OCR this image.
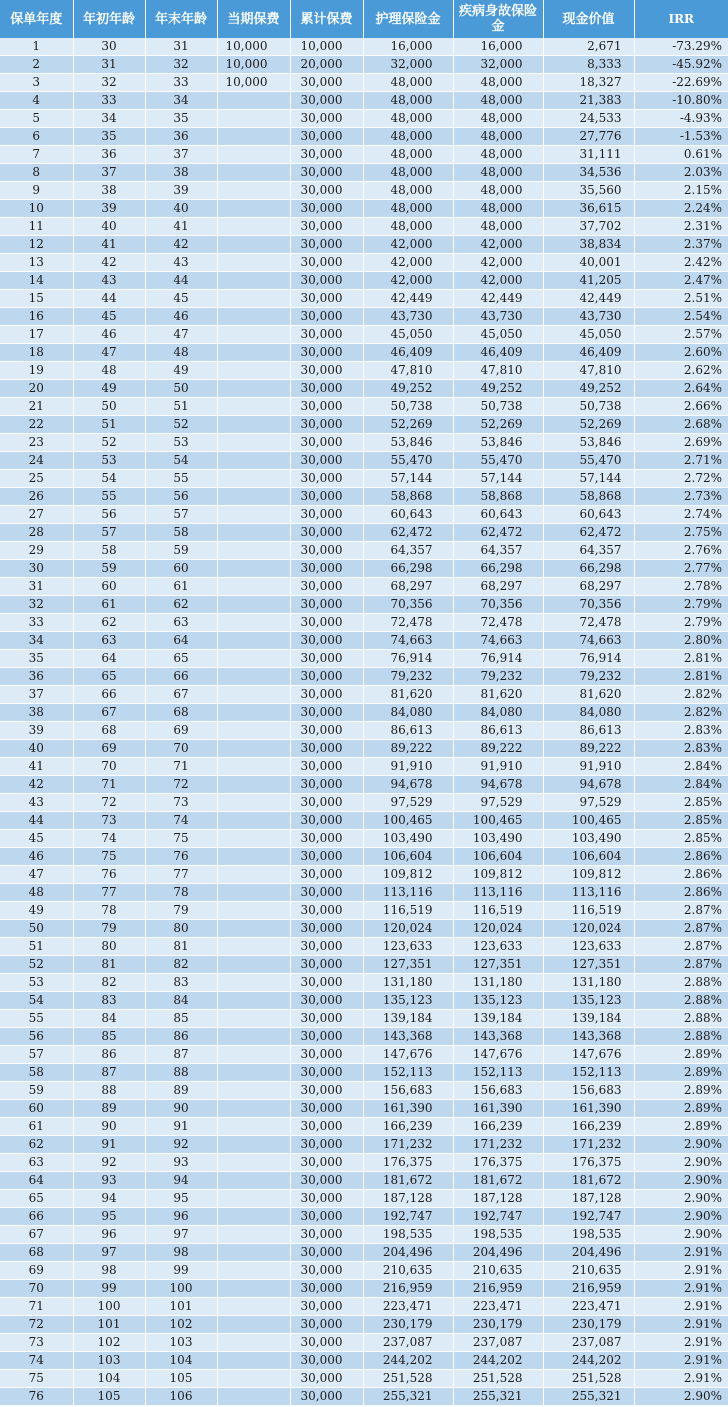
保单年度	年初年龄	年末年龄	当期保费	累计保费	护理保险金	疾病身故保险金	现金价值	IRR
1	30	31	10,000	10,000	16,000	16,000	2,671	-73.29%
2	31	32	10,000	20,000	32,000	32,000	8,333	-45.92%
3	32	33	10,000	30,000	48,000	48,000	18,327	-22.69%
4	33	34		30,000	48,000	48,000	21,383	-10.80%
5	34	35		30,000	48,000	48,000	24,533	-4.93%
6	35	36		30,000	48,000	48,000	27,776	-1.53%
7	36	37		30,000	48,000	48,000	31,111	0.61%
8	37	38		30,000	48,000	48,000	34,536	2.03%
9	38	39		30,000	48,000	48,000	35,560	2.15%
10	39	40		30,000	48,000	48,000	36,615	2.24%
11	40	41		30,000	48,000	48,000	37,702	2.31%
12	41	42		30,000	42,000	42,000	38,834	2.37%
13	42	43		30,000	42,000	42,000	40,001	2.42%
14	43	44		30,000	42,000	42,000	41,205	2.47%
15	44	45		30,000	42,449	42,449	42,449	2.51%
16	45	46		30,000	43,730	43,730	43,730	2.54%
17	46	47		30,000	45,050	45,050	45,050	2.57%
18	47	48		30,000	46,409	46,409	46,409	2.60%
19	48	49		30,000	47,810	47,810	47,810	2.62%
20	49	50		30,000	49,252	49,252	49,252	2.64%
21	50	51		30,000	50,738	50,738	50,738	2.66%
22	51	52		30,000	52,269	52,269	52,269	2.68%
23	52	53		30,000	53,846	53,846	53,846	2.69%
24	53	54		30,000	55,470	55,470	55,470	2.71%
25	54	55		30,000	57,144	57,144	57,144	2.72%
26	55	56		30,000	58,868	58,868	58,868	2.73%
27	56	57		30,000	60,643	60,643	60,643	2.74%
28	57	58		30,000	62,472	62,472	62,472	2.75%
29	58	59		30,000	64,357	64,357	64,357	2.76%
30	59	60		30,000	66,298	66,298	66,298	2.77%
31	60	61		30,000	68,297	68,297	68,297	2.78%
32	61	62		30,000	70,356	70,356	70,356	2.79%
33	62	63		30,000	72,478	72,478	72,478	2.79%
34	63	64		30,000	74,663	74,663	74,663	2.80%
35	64	65		30,000	76,914	76,914	76,914	2.81%
36	65	66		30,000	79,232	79,232	79,232	2.81%
37	66	67		30,000	81,620	81,620	81,620	2.82%
38	67	68		30,000	84,080	84,080	84,080	2.82%
39	68	69		30,000	86,613	86,613	86,613	2.83%
40	69	70		30,000	89,222	89,222	89,222	2.83%
41	70	71		30,000	91,910	91,910	91,910	2.84%
42	71	72		30,000	94,678	94,678	94,678	2.84%
43	72	73		30,000	97,529	97,529	97,529	2.85%
44	73	74		30,000	100,465	100,465	100,465	2.85%
45	74	75		30,000	103,490	103,490	103,490	2.85%
46	75	76		30,000	106,604	106,604	106,604	2.86%
47	76	77		30,000	109,812	109,812	109,812	2.86%
48	77	78		30,000	113,116	113,116	113,116	2.86%
49	78	79		30,000	116,519	116,519	116,519	2.87%
50	79	80		30,000	120,024	120,024	120,024	2.87%
51	80	81		30,000	123,633	123,633	123,633	2.87%
52	81	82		30,000	127,351	127,351	127,351	2.87%
53	82	83		30,000	131,180	131,180	131,180	2.88%
54	83	84		30,000	135,123	135,123	135,123	2.88%
55	84	85		30,000	139,184	139,184	139,184	2.88%
56	85	86		30,000	143,368	143,368	143,368	2.88%
57	86	87		30,000	147,676	147,676	147,676	2.89%
58	87	88		30,000	152,113	152,113	152,113	2.89%
59	88	89		30,000	156,683	156,683	156,683	2.89%
60	89	90		30,000	161,390	161,390	161,390	2.89%
61	90	91		30,000	166,239	166,239	166,239	2.89%
62	91	92		30,000	171,232	171,232	171,232	2.90%
63	92	93		30,000	176,375	176,375	176,375	2.90%
64	93	94		30,000	181,672	181,672	181,672	2.90%
65	94	95		30,000	187,128	187,128	187,128	2.90%
66	95	96		30,000	192,747	192,747	192,747	2.90%
67	96	97		30,000	198,535	198,535	198,535	2.90%
68	97	98		30,000	204,496	204,496	204,496	2.91%
69	98	99		30,000	210,635	210,635	210,635	2.91%
70	99	100		30,000	216,959	216,959	216,959	2.91%
71	100	101		30,000	223,471	223,471	223,471	2.91%
72	101	102		30,000	230,179	230,179	230,179	2.91%
73	102	103		30,000	237,087	237,087	237,087	2.91%
74	103	104		30,000	244,202	244,202	244,202	2.91%
75	104	105		30,000	251,528	251,528	251,528	2.91%
76	105	106		30,000	255,321	255,321	255,321	2.90%
